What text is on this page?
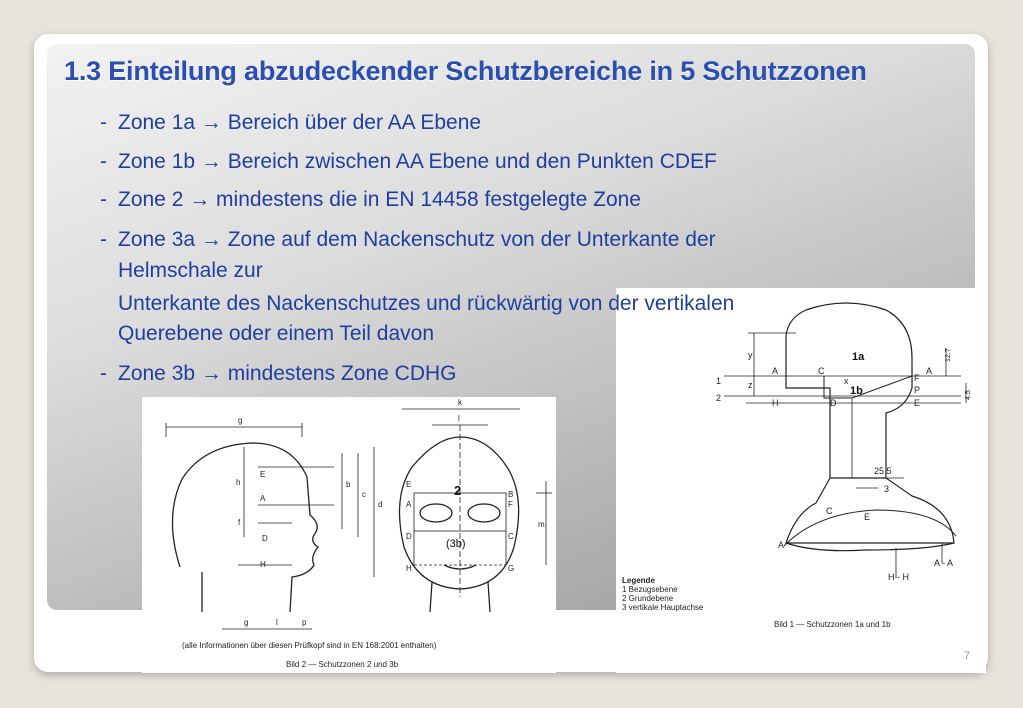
1.3 Einteilung abzudeckender Schutzbereiche in 5 Schutzzonen
- Zone 1a → Bereich über der AA Ebene
- Zone 1b → Bereich zwischen AA Ebene und den Punkten CDEF
- Zone 2 → mindestens die in EN 14458 festgelegte Zone
- Zone 3a → Zone auf dem Nackenschutz von der Unterkante der
Helmschale zur
1a
1b
1
2
3
A	A
C
F
P
H	E
D
y
x
z
25.5
C
E
A
H - H
A - A
12.7
4.5
Unterkante des Nackenschutzes und rückwärtig von der vertikalen
Querebene oder einem Teil davon
- Zone 3b → mindestens Zone CDHG
Legende
1 Bezugsebene
2 Grundebene
3 vertikale Hauptachse
Bild 1 — Schutzzonen 1a und 1b
2
(3b)
g
h	b
c
d
E
A
D
H
f
g	l	p
k
l
E
A
B
F
D	C
H	G
m
(alle Informationen über diesen Prüfkopf sind in EN 168:2001 enthalten)
Bild 2 — Schutzzonen 2 und 3b
7
